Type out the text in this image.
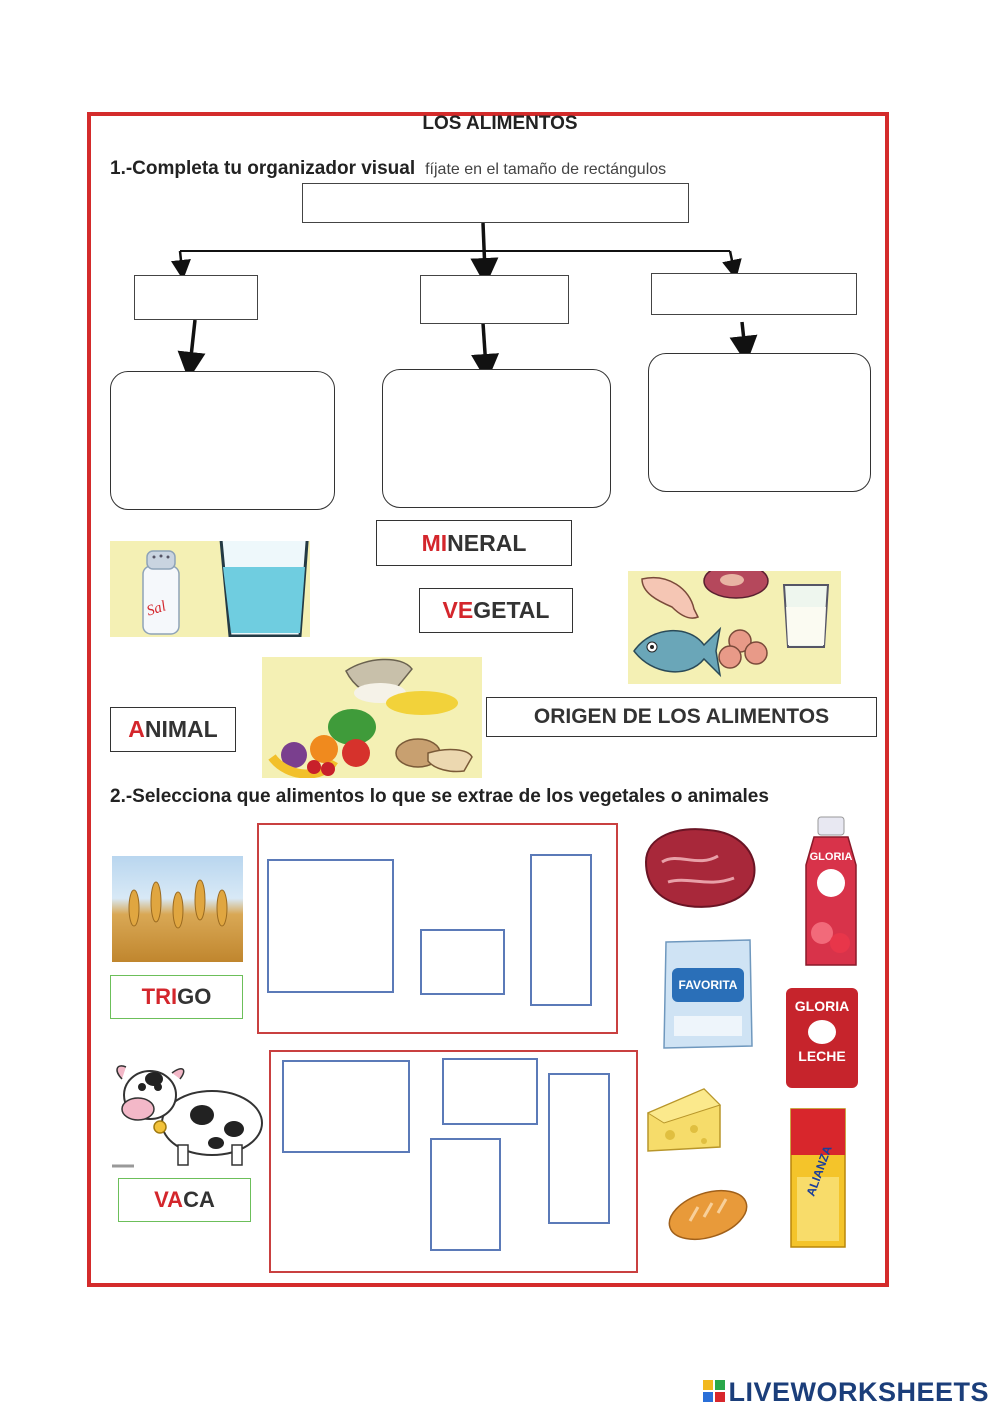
LOS ALIMENTOS
1.-Completa tu organizador visual fíjate en el tamaño de rectángulos
Sal
MI NERAL
VE GETAL
A NIMAL	ORIGEN DE LOS ALIMENTOS
2.-Selecciona que alimentos lo que se extrae de los vegetales o animales
TRI GO
VA CA
GLORIA
FAVORITA
GLORIA
LECHE
ALIANZA
LIVEWORKSHEETS
